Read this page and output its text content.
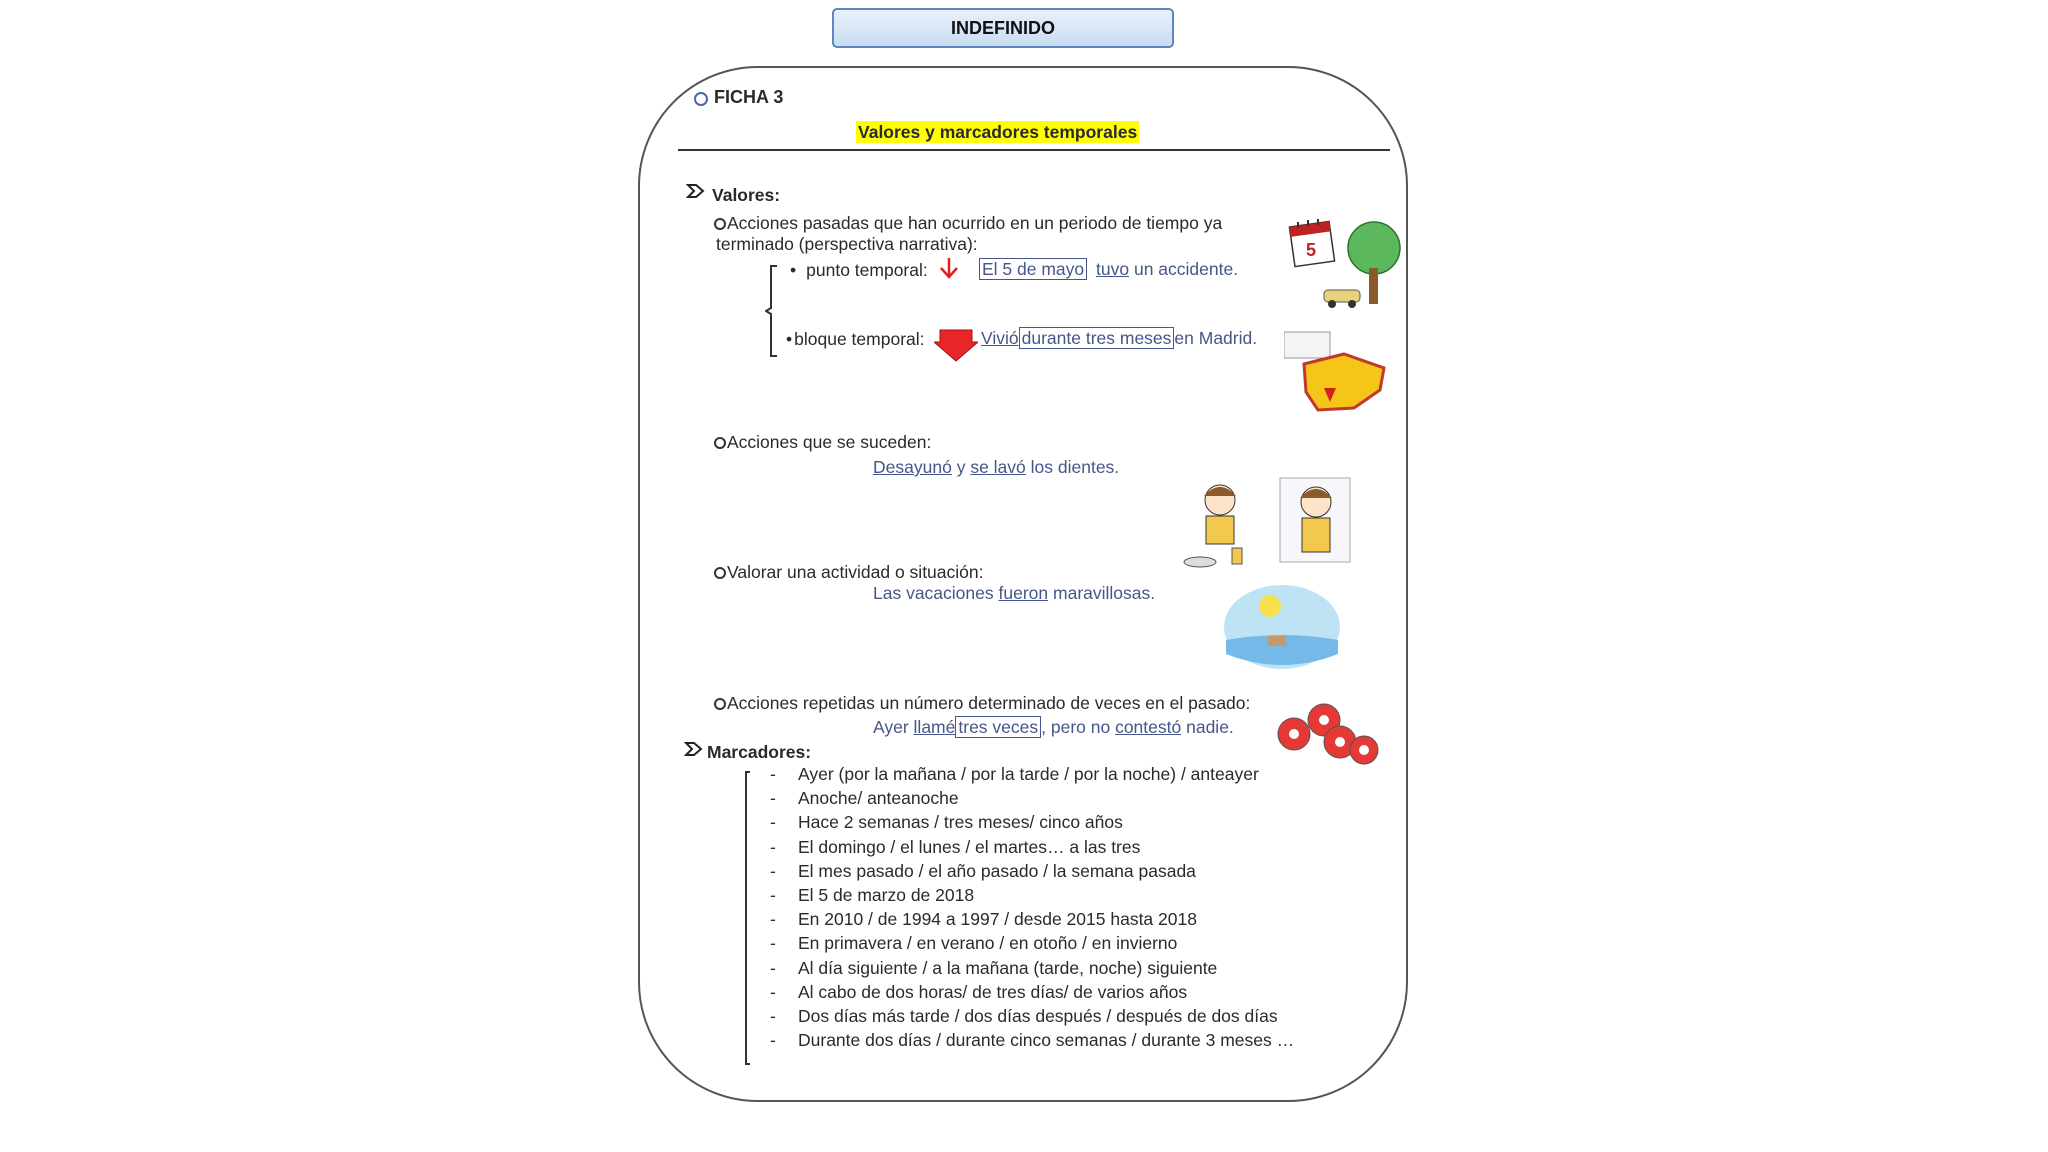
INDEFINIDO
FICHA 3
Valores y marcadores temporales
Valores:
Acciones pasadas que han ocurrido en un periodo de tiempo ya
terminado (perspectiva narrativa):
• punto temporal:	El 5 de mayo tuvo un accidente.
• bloque temporal:	Vivió durante tres meses en Madrid.
Acciones que se suceden:
Desayunó y se lavó los dientes.
Valorar una actividad o situación:
Las vacaciones fueron maravillosas.
Acciones repetidas un número determinado de veces en el pasado:
Ayer llamé tres veces , pero no contestó nadie.
Marcadores:
- Ayer (por la mañana / por la tarde / por la noche) / anteayer
- Anoche/ anteanoche
- Hace 2 semanas / tres meses/ cinco años
- El domingo / el lunes / el martes… a las tres
- El mes pasado / el año pasado / la semana pasada
- El 5 de marzo de 2018
- En 2010 / de 1994 a 1997 / desde 2015 hasta 2018
- En primavera / en verano / en otoño / en invierno
- Al día siguiente / a la mañana (tarde, noche) siguiente
- Al cabo de dos horas/ de tres días/ de varios años
- Dos días más tarde / dos días después / después de dos días
- Durante dos días / durante cinco semanas / durante 3 meses …
5
